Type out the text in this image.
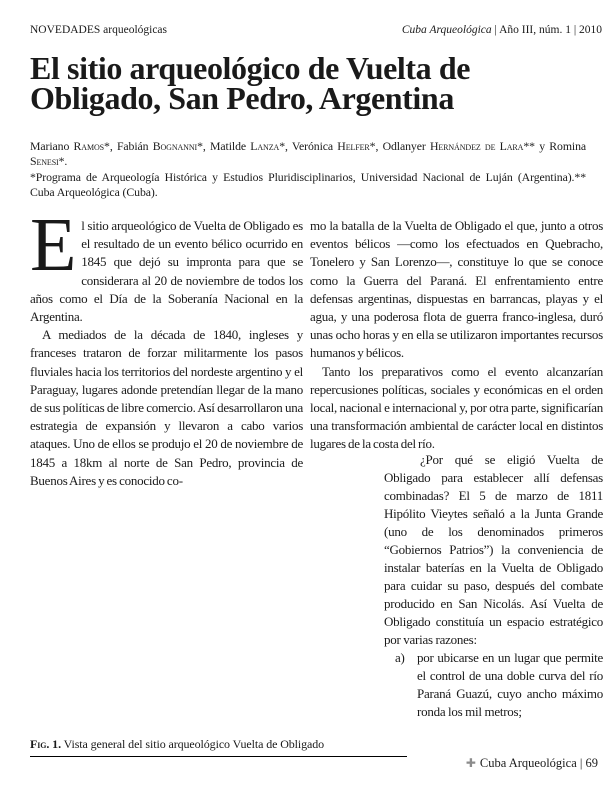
NOVEDADES arqueológicas	Cuba Arqueológica | Año III, núm. 1 | 2010
El sitio arqueológico de Vuelta de
Obligado, San Pedro, Argentina

Mariano Ramos*, Fabián Bognanni*, Matilde Lanza*, Verónica Helfer*, Odlanyer Hernández de Lara** y Romina Senesi*.

*Programa de Arqueología Histórica y Estudios Pluridisciplinarios, Universidad Nacional de Luján (Argentina).** Cuba Arqueológica (Cuba).

El sitio arqueológico de Vuelta de Obligado es el resultado de un evento bélico ocurrido en 1845 que dejó su impronta para que se considerara al 20 de noviembre de todos los años como el Día de la Soberanía Nacional en la Argentina.

A mediados de la década de 1840, ingleses y franceses trataron de forzar militarmente los pasos fluviales hacia los territorios del nordeste argentino y el Paraguay, lugares adonde pretendían llegar de la mano de sus políticas de libre comercio. Así desarrollaron una estrategia de expansión y llevaron a cabo varios ataques. Uno de ellos se produjo el 20 de noviembre de 1845 a 18km al norte de San Pedro, provincia de Buenos Aires y es conocido co-

mo la batalla de la Vuelta de Obligado el que, junto a otros eventos bélicos —como los efectuados en Quebracho, Tonelero y San Lorenzo—, constituye lo que se conoce como la Guerra del Paraná. El enfrentamiento entre defensas argentinas, dispuestas en barrancas, playas y el agua, y una poderosa flota de guerra franco-inglesa, duró unas ocho horas y en ella se utilizaron importantes recursos humanos y bélicos.

Tanto los preparativos como el evento alcanzarían repercusiones políticas, sociales y económicas en el orden local, nacional e internacional y, por otra parte, significarían una transformación ambiental de carácter local en distintos lugares de la costa del río.

¿Por qué se eligió Vuelta de Obligado para establecer allí defensas combinadas? El 5 de marzo de 1811 Hipólito Vieytes señaló a la Junta Grande (uno de los denominados primeros “Gobiernos Patrios”) la conveniencia de instalar baterías en la Vuelta de Obligado para cuidar su paso, después del combate producido en San Nicolás. Así Vuelta de Obligado constituía un espacio estratégico por varias razones:

a) por ubicarse en un lugar que permite el control de una doble curva del río Paraná Guazú, cuyo ancho máximo ronda los mil metros;

Fig. 1. Vista general del sitio arqueológico Vuelta de Obligado
✚ Cuba Arqueológica | 69
